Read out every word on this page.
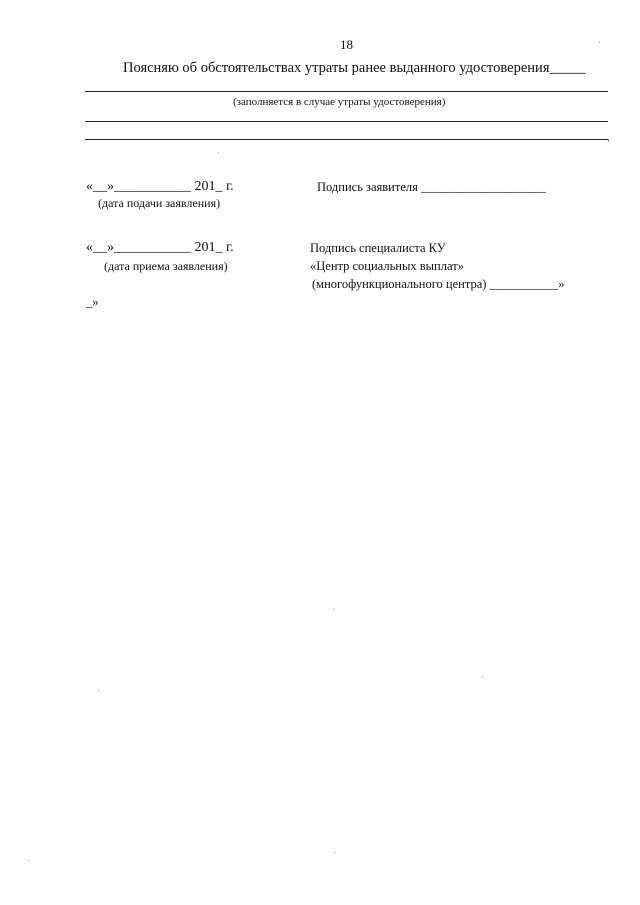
18
Поясняю об обстоятельствах утраты ранее выданного удостоверения_____
(заполняется в случае утраты удостоверения)
.
«__»___________ 201_ г.
(дата подачи заявления)
Подпись заявителя ____________________
«__»___________ 201_ г.
(дата приема заявления)
Подпись специалиста КУ
«Центр социальных выплат»
(многофункционального центра) ___________»
_»
